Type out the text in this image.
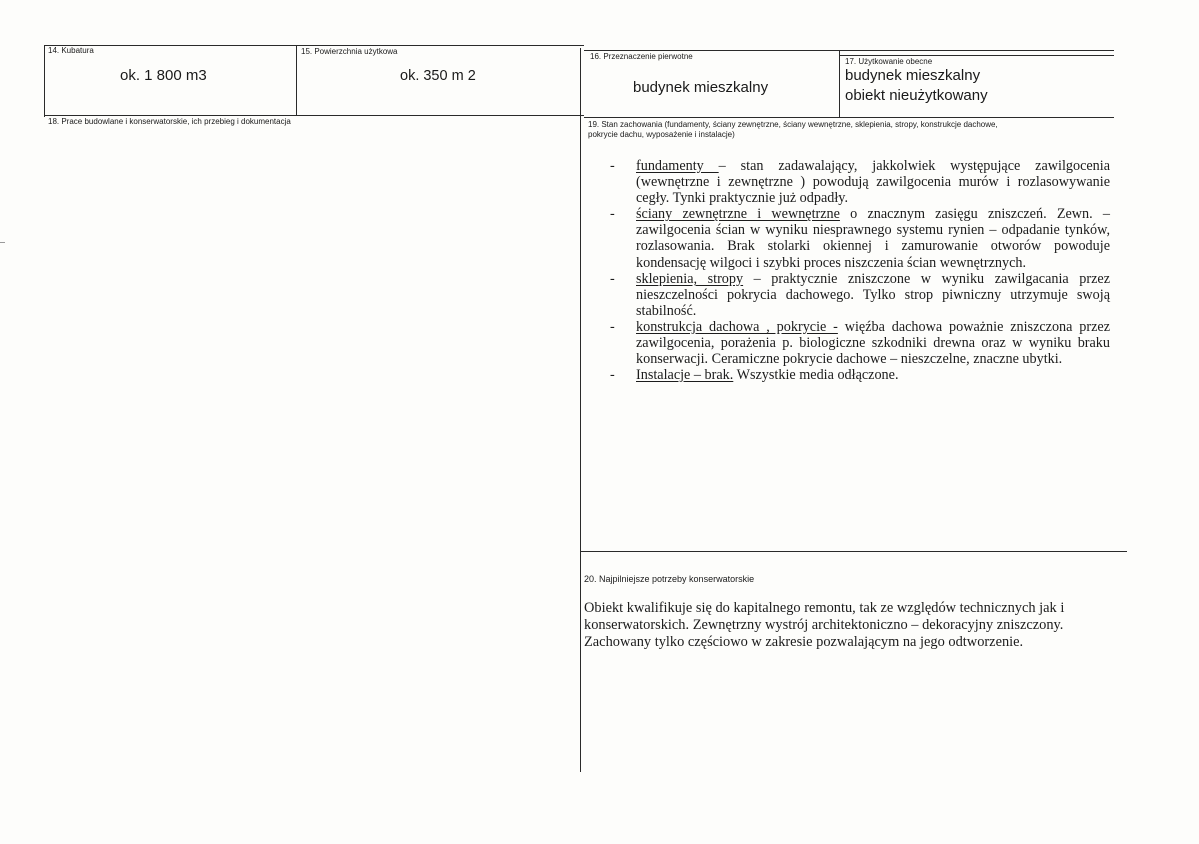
14. Kubatura
ok. 1 800 m3
15. Powierzchnia użytkowa
ok. 350 m 2
16. Przeznaczenie pierwotne
budynek mieszkalny
17. Użytkowanie obecne
budynek mieszkalny
obiekt nieużytkowany
18. Prace budowlane i konserwatorskie, ich przebieg i dokumentacja	19. Stan zachowania (fundamenty, ściany zewnętrzne, ściany wewnętrzne, sklepienia, stropy, konstrukcje dachowe,
pokrycie dachu, wyposażenie i instalacje)
- fundamenty – stan zadawalający, jakkolwiek występujące zawilgocenia (wewnętrzne i zewnętrzne ) powodują zawilgocenia murów i rozlasowywanie cegły. Tynki praktycznie już odpadły.
- ściany zewnętrzne i wewnętrzne o znacznym zasięgu zniszczeń. Zewn. – zawilgocenia ścian w wyniku niesprawnego systemu rynien – odpadanie tynków, rozlasowania. Brak stolarki okiennej i zamurowanie otworów powoduje kondensację wilgoci i szybki proces niszczenia ścian wewnętrznych.
- sklepienia, stropy – praktycznie zniszczone w wyniku zawilgacania przez nieszczelności pokrycia dachowego. Tylko strop piwniczny utrzymuje swoją stabilność.
- konstrukcja dachowa , pokrycie - więźba dachowa poważnie zniszczona przez zawilgocenia, porażenia p. biologiczne szkodniki drewna oraz w wyniku braku konserwacji. Ceramiczne pokrycie dachowe – nieszczelne, znaczne ubytki.
- Instalacje – brak. Wszystkie media odłączone.
20. Najpilniejsze potrzeby konserwatorskie

Obiekt kwalifikuje się do kapitalnego remontu, tak ze względów technicznych jak i konserwatorskich. Zewnętrzny wystrój architektoniczno – dekoracyjny zniszczony. Zachowany tylko częściowo w zakresie pozwalającym na jego odtworzenie.
